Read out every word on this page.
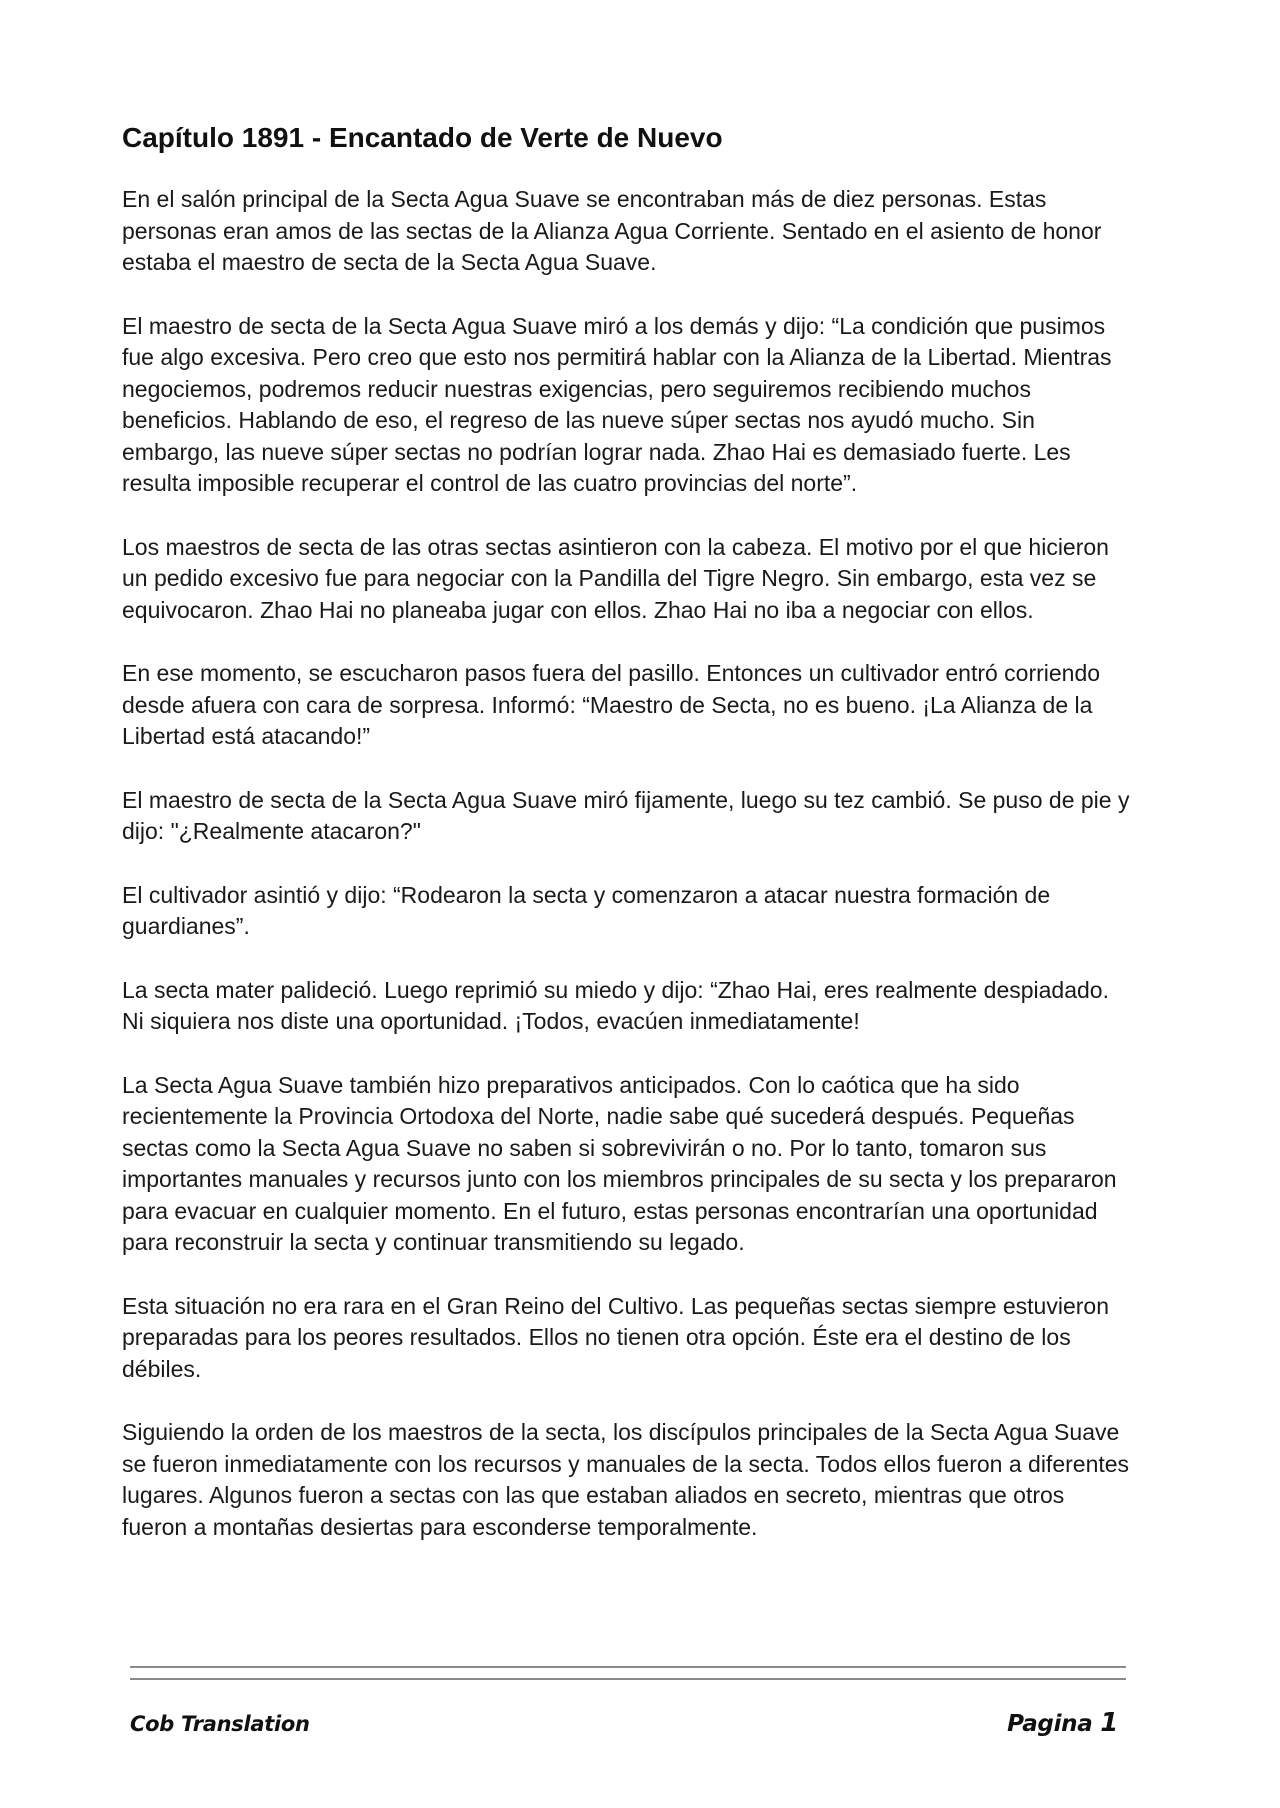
Capítulo 1891 - Encantado de Verte de Nuevo

En el salón principal de la Secta Agua Suave se encontraban más de diez personas. Estas personas eran amos de las sectas de la Alianza Agua Corriente. Sentado en el asiento de honor estaba el maestro de secta de la Secta Agua Suave.

El maestro de secta de la Secta Agua Suave miró a los demás y dijo: “La condición que pusimos fue algo excesiva. Pero creo que esto nos permitirá hablar con la Alianza de la Libertad. Mientras negociemos, podremos reducir nuestras exigencias, pero seguiremos recibiendo muchos beneficios. Hablando de eso, el regreso de las nueve súper sectas nos ayudó mucho. Sin embargo, las nueve súper sectas no podrían lograr nada. Zhao Hai es demasiado fuerte. Les resulta imposible recuperar el control de las cuatro provincias del norte”.

Los maestros de secta de las otras sectas asintieron con la cabeza. El motivo por el que hicieron un pedido excesivo fue para negociar con la Pandilla del Tigre Negro. Sin embargo, esta vez se equivocaron. Zhao Hai no planeaba jugar con ellos. Zhao Hai no iba a negociar con ellos.

En ese momento, se escucharon pasos fuera del pasillo. Entonces un cultivador entró corriendo desde afuera con cara de sorpresa. Informó: “Maestro de Secta, no es bueno. ¡La Alianza de la Libertad está atacando!”

El maestro de secta de la Secta Agua Suave miró fijamente, luego su tez cambió. Se puso de pie y dijo: "¿Realmente atacaron?"

El cultivador asintió y dijo: “Rodearon la secta y comenzaron a atacar nuestra formación de guardianes”.

La secta mater palideció. Luego reprimió su miedo y dijo: “Zhao Hai, eres realmente despiadado. Ni siquiera nos diste una oportunidad. ¡Todos, evacúen inmediatamente!

La Secta Agua Suave también hizo preparativos anticipados. Con lo caótica que ha sido recientemente la Provincia Ortodoxa del Norte, nadie sabe qué sucederá después. Pequeñas sectas como la Secta Agua Suave no saben si sobrevivirán o no. Por lo tanto, tomaron sus importantes manuales y recursos junto con los miembros principales de su secta y los prepararon para evacuar en cualquier momento. En el futuro, estas personas encontrarían una oportunidad para reconstruir la secta y continuar transmitiendo su legado.

Esta situación no era rara en el Gran Reino del Cultivo. Las pequeñas sectas siempre estuvieron preparadas para los peores resultados. Ellos no tienen otra opción. Éste era el destino de los débiles.

Siguiendo la orden de los maestros de la secta, los discípulos principales de la Secta Agua Suave se fueron inmediatamente con los recursos y manuales de la secta. Todos ellos fueron a diferentes lugares. Algunos fueron a sectas con las que estaban aliados en secreto, mientras que otros fueron a montañas desiertas para esconderse temporalmente.

Cob Translation	Pagina 1
